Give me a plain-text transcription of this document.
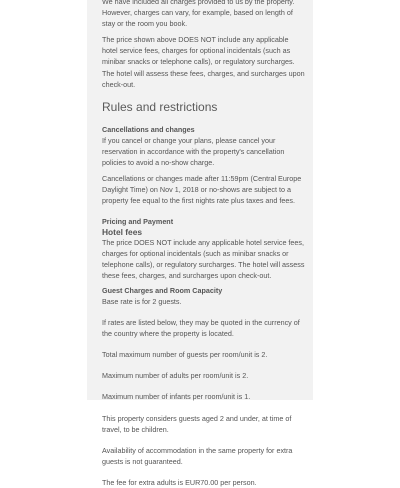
We have included all charges provided to us by the property. However, charges can vary, for example, based on length of stay or the room you book.

The price shown above DOES NOT include any applicable hotel service fees, charges for optional incidentals (such as minibar snacks or telephone calls), or regulatory surcharges. The hotel will assess these fees, charges, and surcharges upon check-out.

Rules and restrictions

Cancellations and changes

If you cancel or change your plans, please cancel your reservation in accordance with the property's cancellation policies to avoid a no-show charge.

Cancellations or changes made after 11:59pm (Central Europe Daylight Time) on Nov 1, 2018 or no-shows are subject to a property fee equal to the first nights rate plus taxes and fees.

Pricing and Payment

Hotel fees

The price DOES NOT include any applicable hotel service fees, charges for optional incidentals (such as minibar snacks or telephone calls), or regulatory surcharges. The hotel will assess these fees, charges, and surcharges upon check-out.

Guest Charges and Room Capacity

Base rate is for 2 guests.

If rates are listed below, they may be quoted in the currency of the country where the property is located.

Total maximum number of guests per room/unit is 2.

Maximum number of adults per room/unit is 2.

Maximum number of infants per room/unit is 1.

This property considers guests aged 2 and under, at time of travel, to be children.

Availability of accommodation in the same property for extra guests is not guaranteed.

The fee for extra adults is EUR70.00 per person.
